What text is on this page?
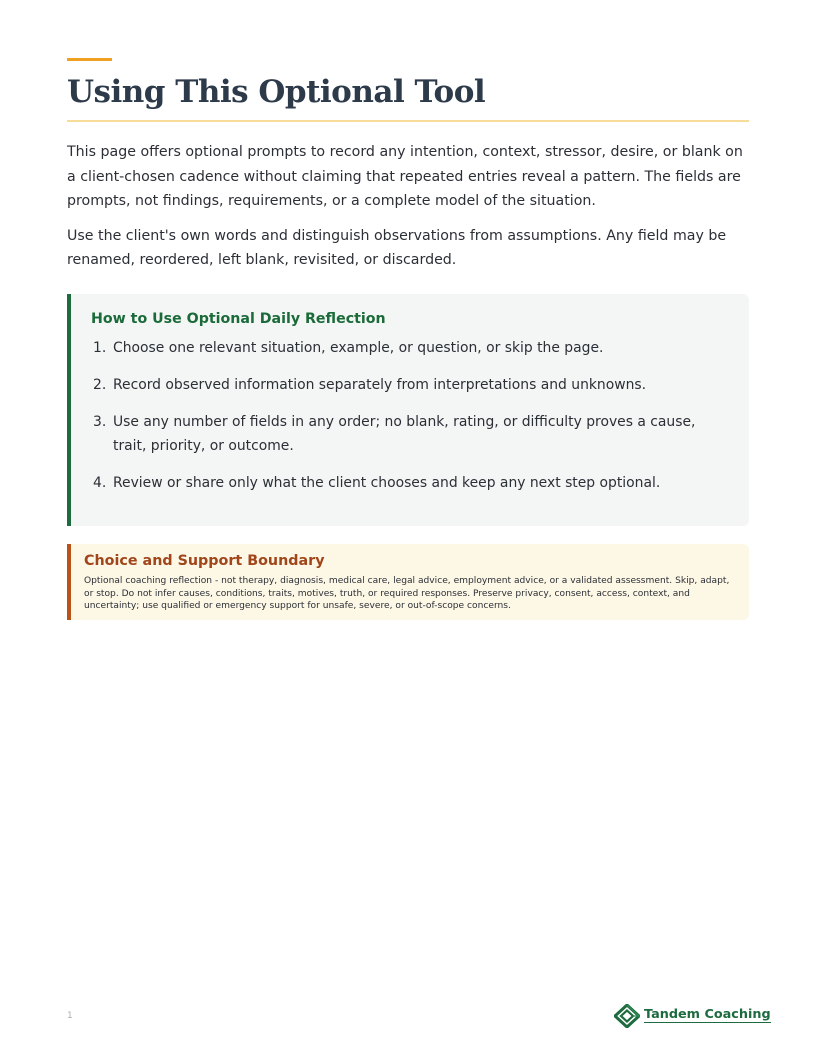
Using This Optional Tool

This page offers optional prompts to record any intention, context, stressor, desire, or blank on a client-chosen cadence without claiming that repeated entries reveal a pattern. The fields are prompts, not findings, requirements, or a complete model of the situation.

Use the client's own words and distinguish observations from assumptions. Any field may be renamed, reordered, left blank, revisited, or discarded.

How to Use Optional Daily Reflection
1. Choose one relevant situation, example, or question, or skip the page.
2. Record observed information separately from interpretations and unknowns.
3. Use any number of fields in any order; no blank, rating, or difficulty proves a cause, trait, priority, or outcome.
4. Review or share only what the client chooses and keep any next step optional.
Choice and Support Boundary

Optional coaching reflection - not therapy, diagnosis, medical care, legal advice, employment advice, or a validated assessment. Skip, adapt, or stop. Do not infer causes, conditions, traits, motives, truth, or required responses. Preserve privacy, consent, access, context, and uncertainty; use qualified or emergency support for unsafe, severe, or out-of-scope concerns.

1	Tandem Coaching
